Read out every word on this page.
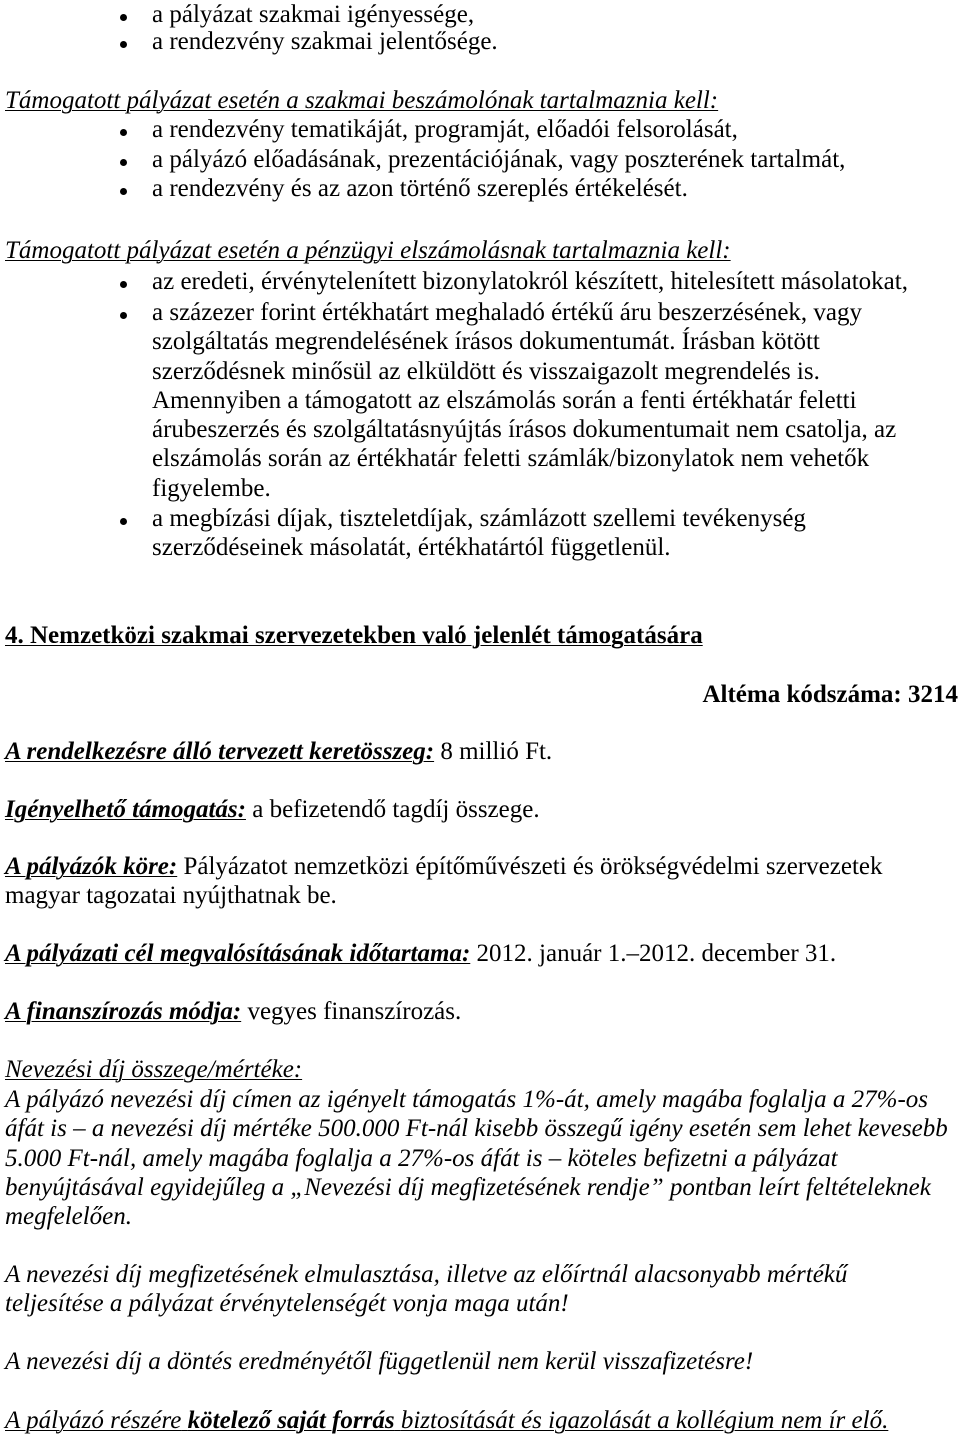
a pályázat szakmai igényessége,
a rendezvény szakmai jelentősége.
Támogatott pályázat esetén a szakmai beszámolónak tartalmaznia kell:
a rendezvény tematikáját, programját, előadói felsorolását,
a pályázó előadásának, prezentációjának, vagy poszterének tartalmát,
a rendezvény és az azon történő szereplés értékelését.
Támogatott pályázat esetén a pénzügyi elszámolásnak tartalmaznia kell:
az eredeti, érvénytelenített bizonylatokról készített, hitelesített másolatokat,
a százezer forint értékhatárt meghaladó értékű áru beszerzésének, vagy
szolgáltatás megrendelésének írásos dokumentumát. Írásban kötött
szerződésnek minősül az elküldött és visszaigazolt megrendelés is.
Amennyiben a támogatott az elszámolás során a fenti értékhatár feletti
árubeszerzés és szolgáltatásnyújtás írásos dokumentumait nem csatolja, az
elszámolás során az értékhatár feletti számlák/bizonylatok nem vehetők
figyelembe.
a megbízási díjak, tiszteletdíjak, számlázott szellemi tevékenység
szerződéseinek másolatát, értékhatártól függetlenül.
4. Nemzetközi szakmai szervezetekben való jelenlét támogatására
Altéma kódszáma: 3214
A rendelkezésre álló tervezett keretösszeg: 8 millió Ft.
Igényelhető támogatás: a befizetendő tagdíj összege.
A pályázók köre: Pályázatot nemzetközi építőművészeti és örökségvédelmi szervezetek
magyar tagozatai nyújthatnak be.
A pályázati cél megvalósításának időtartama: 2012. január 1.–2012. december 31.
A finanszírozás módja: vegyes finanszírozás.
Nevezési díj összege/mértéke:
A pályázó nevezési díj címen az igényelt támogatás 1%-át, amely magába foglalja a 27%-os
áfát is – a nevezési díj mértéke 500.000 Ft-nál kisebb összegű igény esetén sem lehet kevesebb
5.000 Ft-nál, amely magába foglalja a 27%-os áfát is – köteles befizetni a pályázat
benyújtásával egyidejűleg a „Nevezési díj megfizetésének rendje” pontban leírt feltételeknek
megfelelően.
A nevezési díj megfizetésének elmulasztása, illetve az előírtnál alacsonyabb mértékű
teljesítése a pályázat érvénytelenségét vonja maga után!
A nevezési díj a döntés eredményétől függetlenül nem kerül visszafizetésre!
A pályázó részére kötelező saját forrás biztosítását és igazolását a kollégium nem ír elő.
